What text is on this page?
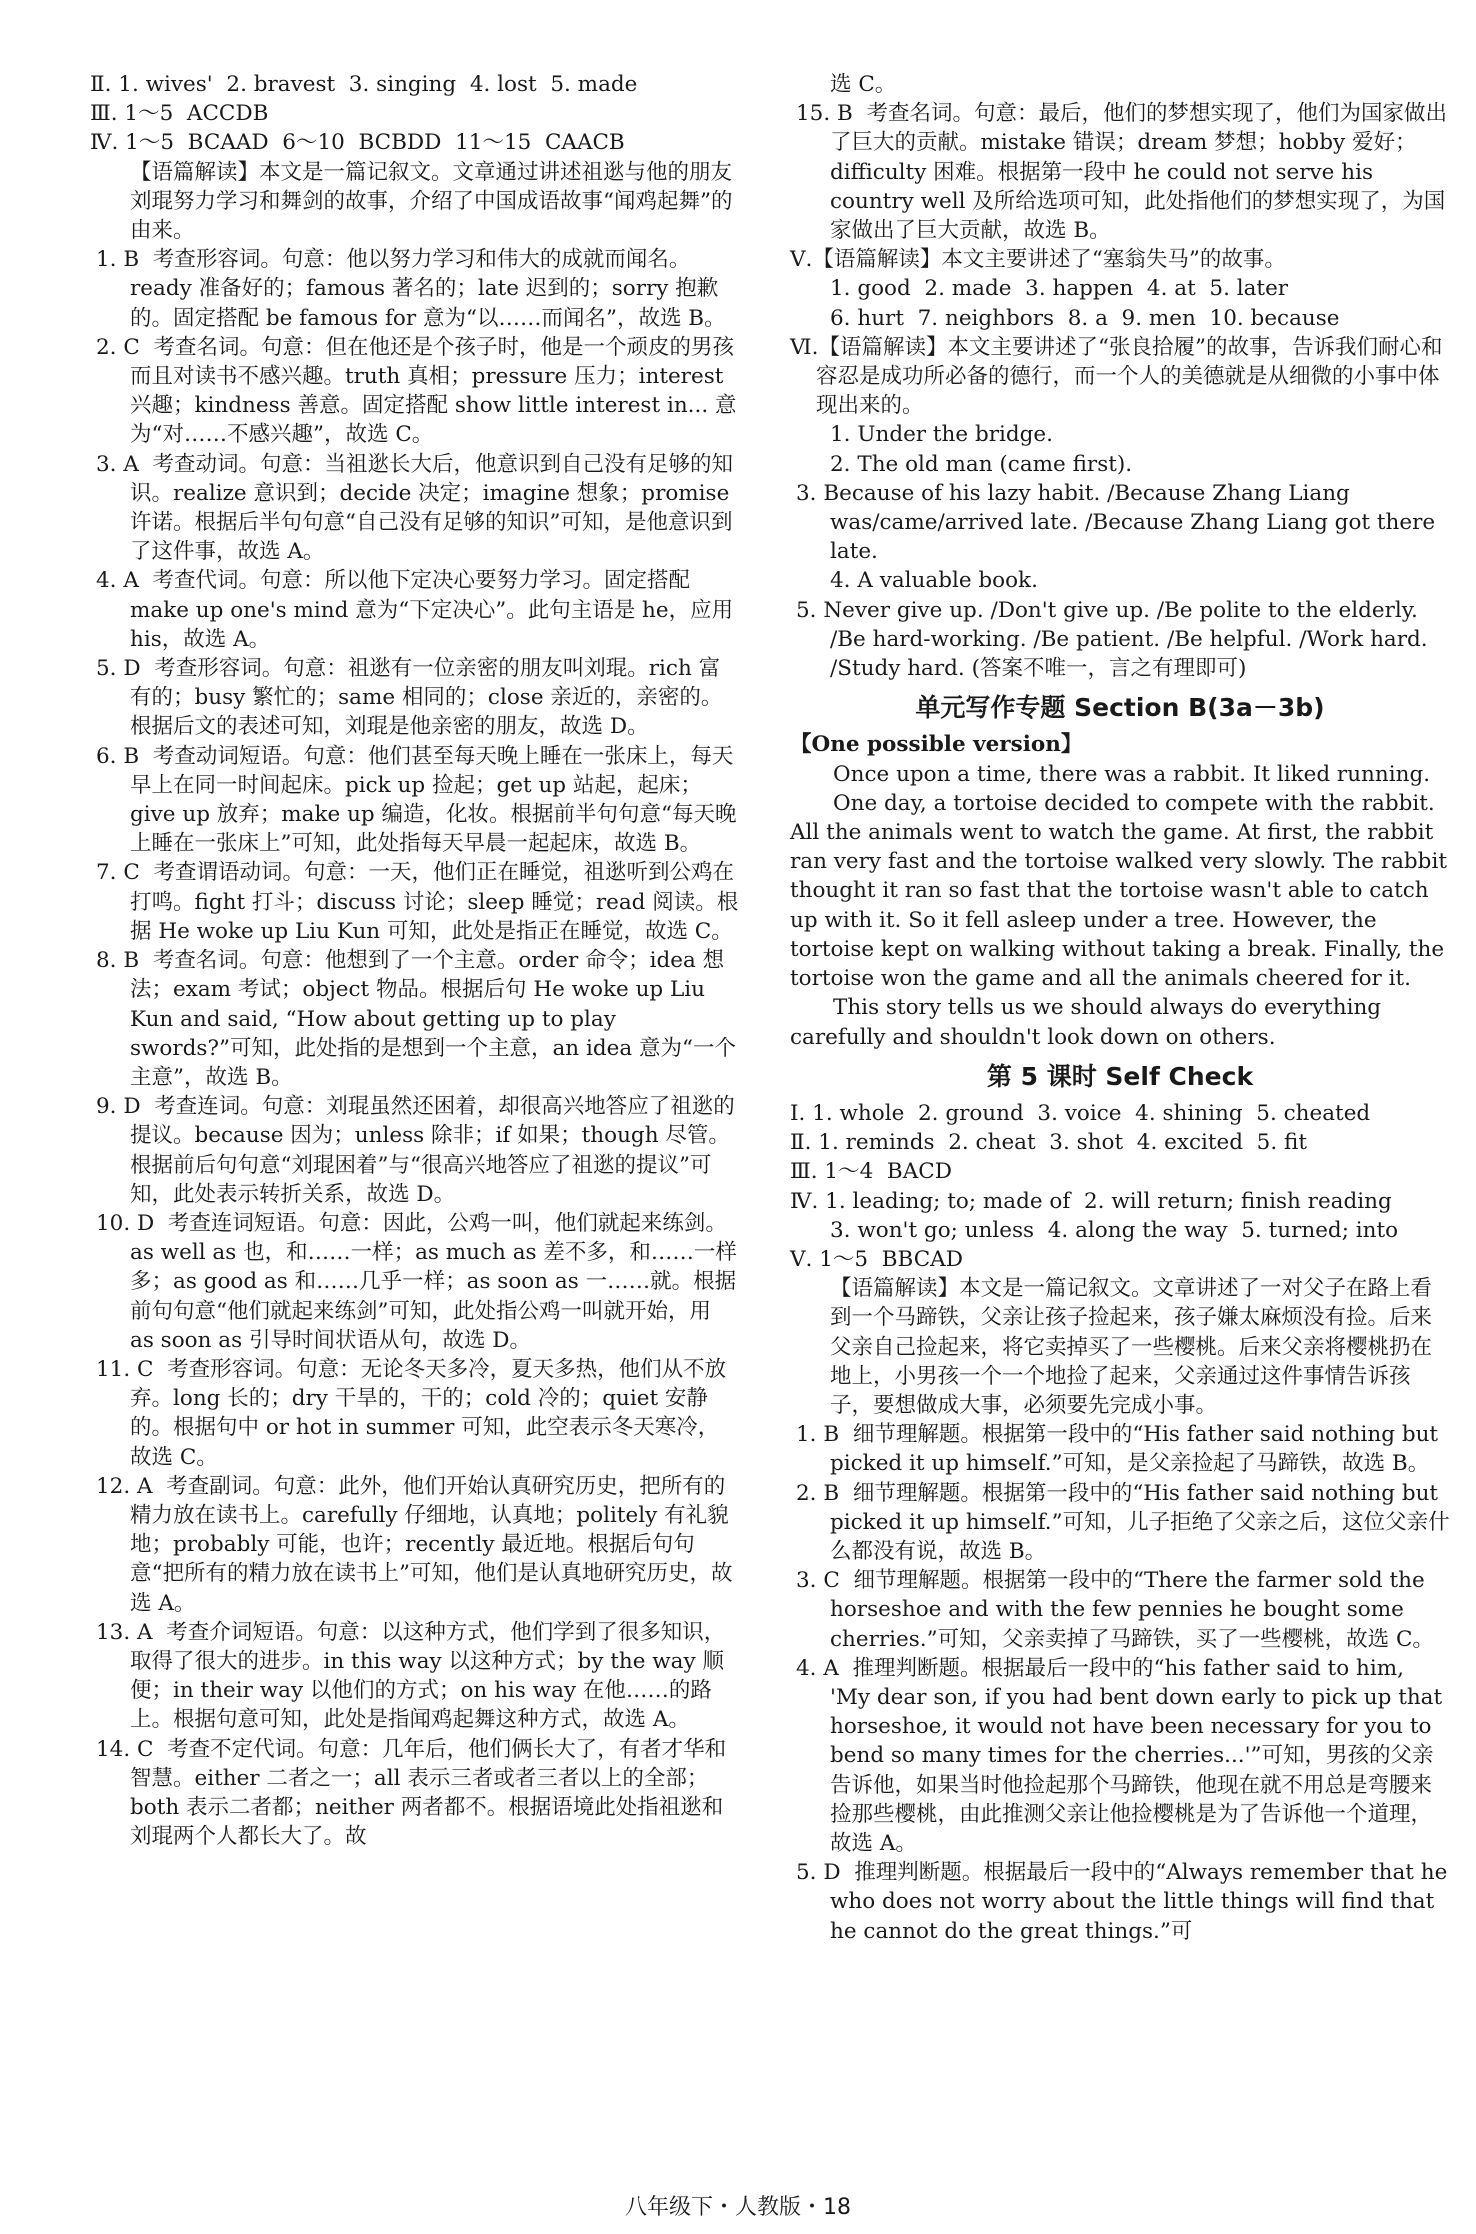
Ⅱ. 1. wives'  2. bravest  3. singing  4. lost  5. made
Ⅲ. 1～5  ACCDB
Ⅳ. 1～5  BCAAD  6～10  BCBDD  11～15  CAACB
【语篇解读】本文是一篇记叙文。文章通过讲述祖逖与他的朋友刘琨努力学习和舞剑的故事，介绍了中国成语故事“闻鸡起舞”的由来。
1. B  考查形容词。句意：他以努力学习和伟大的成就而闻名。ready 准备好的；famous 著名的；late 迟到的；sorry 抱歉的。固定搭配 be famous for 意为“以……而闻名”，故选 B。
2. C  考查名词。句意：但在他还是个孩子时，他是一个顽皮的男孩而且对读书不感兴趣。truth 真相；pressure 压力；interest 兴趣；kindness 善意。固定搭配 show little interest in... 意为“对……不感兴趣”，故选 C。
3. A  考查动词。句意：当祖逖长大后，他意识到自己没有足够的知识。realize 意识到；decide 决定；imagine 想象；promise 许诺。根据后半句句意“自己没有足够的知识”可知，是他意识到了这件事，故选 A。
4. A  考查代词。句意：所以他下定决心要努力学习。固定搭配 make up one's mind 意为“下定决心”。此句主语是 he，应用 his，故选 A。
5. D  考查形容词。句意：祖逖有一位亲密的朋友叫刘琨。rich 富有的；busy 繁忙的；same 相同的；close 亲近的，亲密的。根据后文的表述可知，刘琨是他亲密的朋友，故选 D。
6. B  考查动词短语。句意：他们甚至每天晚上睡在一张床上，每天早上在同一时间起床。pick up 捡起；get up 站起，起床；give up 放弃；make up 编造，化妆。根据前半句句意“每天晚上睡在一张床上”可知，此处指每天早晨一起起床，故选 B。
7. C  考查谓语动词。句意：一天，他们正在睡觉，祖逖听到公鸡在打鸣。fight 打斗；discuss 讨论；sleep 睡觉；read 阅读。根据 He woke up Liu Kun 可知，此处是指正在睡觉，故选 C。
8. B  考查名词。句意：他想到了一个主意。order 命令；idea 想法；exam 考试；object 物品。根据后句 He woke up Liu Kun and said, “How about getting up to play swords?”可知，此处指的是想到一个主意，an idea 意为“一个主意”，故选 B。
9. D  考查连词。句意：刘琨虽然还困着，却很高兴地答应了祖逖的提议。because 因为；unless 除非；if 如果；though 尽管。根据前后句句意“刘琨困着”与“很高兴地答应了祖逖的提议”可知，此处表示转折关系，故选 D。
10. D  考查连词短语。句意：因此，公鸡一叫，他们就起来练剑。as well as 也，和……一样；as much as 差不多，和……一样多；as good as 和……几乎一样；as soon as 一……就。根据前句句意“他们就起来练剑”可知，此处指公鸡一叫就开始，用 as soon as 引导时间状语从句，故选 D。
11. C  考查形容词。句意：无论冬天多冷，夏天多热，他们从不放弃。long 长的；dry 干旱的，干的；cold 冷的；quiet 安静的。根据句中 or hot in summer 可知，此空表示冬天寒冷，故选 C。
12. A  考查副词。句意：此外，他们开始认真研究历史，把所有的精力放在读书上。carefully 仔细地，认真地；politely 有礼貌地；probably 可能，也许；recently 最近地。根据后句句意“把所有的精力放在读书上”可知，他们是认真地研究历史，故选 A。
13. A  考查介词短语。句意：以这种方式，他们学到了很多知识，取得了很大的进步。in this way 以这种方式；by the way 顺便；in their way 以他们的方式；on his way 在他……的路上。根据句意可知，此处是指闻鸡起舞这种方式，故选 A。
14. C  考查不定代词。句意：几年后，他们俩长大了，有者才华和智慧。either 二者之一；all 表示三者或者三者以上的全部；both 表示二者都；neither 两者都不。根据语境此处指祖逖和刘琨两个人都长大了。故
选 C。
15. B  考查名词。句意：最后，他们的梦想实现了，他们为国家做出了巨大的贡献。mistake 错误；dream 梦想；hobby 爱好；difficulty 困难。根据第一段中 he could not serve his country well 及所给选项可知，此处指他们的梦想实现了，为国家做出了巨大贡献，故选 B。
Ⅴ.【语篇解读】本文主要讲述了“塞翁失马”的故事。
1. good  2. made  3. happen  4. at  5. later
6. hurt  7. neighbors  8. a  9. men  10. because
Ⅵ.【语篇解读】本文主要讲述了“张良拾履”的故事，告诉我们耐心和容忍是成功所必备的德行，而一个人的美德就是从细微的小事中体现出来的。
1. Under the bridge.
2. The old man (came first).
3. Because of his lazy habit. /Because Zhang Liang was/came/arrived late. /Because Zhang Liang got there late.
4. A valuable book.
5. Never give up. /Don't give up. /Be polite to the elderly. /Be hard-working. /Be patient. /Be helpful. /Work hard. /Study hard. (答案不唯一，言之有理即可)
单元写作专题 Section B(3a－3b)
【One possible version】
Once upon a time, there was a rabbit. It liked running.
One day, a tortoise decided to compete with the rabbit. All the animals went to watch the game. At first, the rabbit ran very fast and the tortoise walked very slowly. The rabbit thought it ran so fast that the tortoise wasn't able to catch up with it. So it fell asleep under a tree. However, the tortoise kept on walking without taking a break. Finally, the tortoise won the game and all the animals cheered for it.
This story tells us we should always do everything carefully and shouldn't look down on others.
第 5 课时 Self Check
Ⅰ. 1. whole  2. ground  3. voice  4. shining  5. cheated
Ⅱ. 1. reminds  2. cheat  3. shot  4. excited  5. fit
Ⅲ. 1～4  BACD
Ⅳ. 1. leading; to; made of  2. will return; finish reading
3. won't go; unless  4. along the way  5. turned; into
Ⅴ. 1～5  BBCAD
【语篇解读】本文是一篇记叙文。文章讲述了一对父子在路上看到一个马蹄铁，父亲让孩子捡起来，孩子嫌太麻烦没有捡。后来父亲自己捡起来，将它卖掉买了一些樱桃。后来父亲将樱桃扔在地上，小男孩一个一个地捡了起来，父亲通过这件事情告诉孩子，要想做成大事，必须要先完成小事。
1. B  细节理解题。根据第一段中的“His father said nothing but picked it up himself.”可知，是父亲捡起了马蹄铁，故选 B。
2. B  细节理解题。根据第一段中的“His father said nothing but picked it up himself.”可知，儿子拒绝了父亲之后，这位父亲什么都没有说，故选 B。
3. C  细节理解题。根据第一段中的“There the farmer sold the horseshoe and with the few pennies he bought some cherries.”可知，父亲卖掉了马蹄铁，买了一些樱桃，故选 C。
4. A  推理判断题。根据最后一段中的“his father said to him, 'My dear son, if you had bent down early to pick up that horseshoe, it would not have been necessary for you to bend so many times for the cherries...'”可知，男孩的父亲告诉他，如果当时他捡起那个马蹄铁，他现在就不用总是弯腰来捡那些樱桃，由此推测父亲让他捡樱桃是为了告诉他一个道理，故选 A。
5. D  推理判断题。根据最后一段中的“Always remember that he who does not worry about the little things will find that he cannot do the great things.”可
八年级下・人教版・18
